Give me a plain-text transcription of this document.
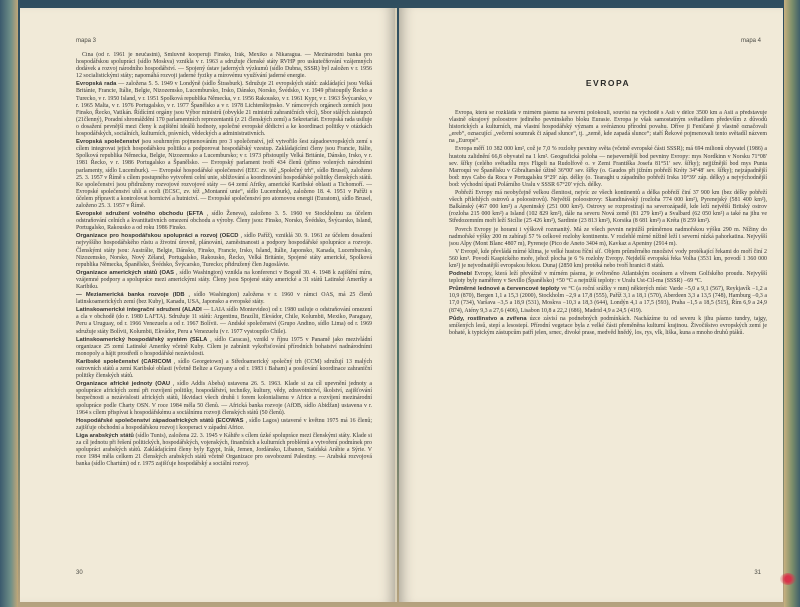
mapa 3

Čína (od r. 1961 je neučastní), Šmluvně kooperují Finsko, Irák, Mexiko a Nikaragua. — Mezinárodní banka pro hospodářskou spolupráci (sídlo Moskva) vznikla v r. 1963 a sdružuje členské státy RVHP pro uskutečňování vzájemných dodávek a rozvoj národního hospodářství. — Spojený ústav jaderných výzkumů (sídlo Dubna, SSSR) byl založen v r. 1956 12 socialistickými státy; napomáhá rozvoji jaderné fyziky a mírovému využívání jaderné energie.

Evropská rada — založena 5. 5. 1949 v Londýně (sídlo Štrasburk). Sdružuje 21 evropských států: zakládající jsou Velká Británie, Francie, Itálie, Belgie, Nizozemsko, Lucembursko, Irsko, Dánsko, Norsko, Švédsko, v r. 1949 přistoupily Řecko a Turecko, v r. 1950 Island, v r. 1951 Spolková republika Německa, v r. 1956 Rakousko, v r. 1961 Kypr, v r. 1963 Švýcarsko, v r. 1965 Malta, v r. 1976 Portugalsko, v r. 1977 Španělsko a v r. 1978 Lichtenštejnsko. V rámcových orgánech zemích jsou Finsko, Řecko, Vatikán. Řídícími orgány jsou Výbor ministrů (obvykle 21 ministrů zahraničních věcí), Sbor stálých zástupců (21členný), Poradní shromáždění 170 parlamentních reprezentantů (z 21 členských zemí) a Sekretariát. Evropská rada usiluje o dosažení pevnější mezi členy k zajištění ideálů hodnoty, společné evropské dědictví a ke koordinaci politiky v otázkách hospodářských, sociálních, kulturních, právních, vědeckých a administrativních.

Evropská společenství jsou souhrnným pojmenováním pro 3 společenství, jež vytvořilo šest západoevropských zemí s cílem integrovat jejich hospodářskou politiku a podporovat hospodářský vzestup. Zakládajícími členy jsou Francie, Itálie, Spolková republika Německa, Belgie, Nizozemsko a Lucembursko; v r. 1973 přistoupily Velká Británie, Dánsko, Irsko, v r. 1981 Řecko, v r. 1986 Portugalsko a Španělsko. — Evropský parlament tvoří 434 členů (přímo volených národními parlamenty, sídlo Lucemburk). — Evropské hospodářské společenství (EEC zv. též „Společný trh“, sídlo Brusel), založeno 25. 3. 1957 v Římě s cílem postupného vytvoření celní unie, sbližování a koordinování hospodářské politiky členských států. Ke společenství jsou přidruženy rozvojové rozvojové státy — 64 zemí Afriky, americké Karibské oblasti a Tichomoří. — Evropské společenství uhlí a oceli (ECSC, zv. též „Montanní unie“, sídlo Lucemburk), založeno 18. 4. 1951 v Paříži s účelem přípravit a kontrolovat hornictví a hutnictví. — Evropské společenství pro atomovou energii (Euratom), sídlo Brusel, založeno 25. 3. 1957 v Římě.

Evropské sdružení volného obchodu (EFTA , sídlo Ženeva), založeno 3. 5. 1960 ve Stockholmu za účelem odstraňování celních a kvantitativních omezení obchodu a výroby. Členy jsou: Finsko, Norsko, Švédsko, Švýcarsko, Island, Portugalsko, Rakousko a od roku 1986 Finsko.

Organizace pro hospodářskou spolupráci a rozvoj (OECD , sídlo Paříž), vzniklá 30. 9. 1961 ze účelem dosažení nejvyššího hospodářského růstu a životní úrovně, plánování, zaměstnanosti a podpory hospodářské spolupráce a rozvoje. Členskými státy jsou: Austrálie, Belgie, Dánsko, Finsko, Francie, Irsko, Island, Itálie, Japonsko, Kanada, Lucembursko, Nizozemsko, Norsko, Nový Zéland, Portugalsko, Rakousko, Řecko, Velká Británie, Spojené státy americké, Spolková republika Německa, Španělsko, Švédsko, Švýcarsko, Turecko; přidružený člen Jugoslávie.

Organizace amerických států (OAS , sídlo Washington) vznikla na konferenci v Bogotě 30. 4. 1948 k zajištění míru, vzájemné podpory a spolupráce mezi americkými státy. Členy jsou Spojené státy americké a 31 států Latinské Ameriky a Karibiku.

— Meziamerická banka rozvoje (IDB , sídlo Washington) založena v r. 1960 v rámci OAS, má 25 členů latinskoamerických zemí (bez Kuby), Kanadu, USA, Japonsko a evropské státy.

Latinskoamerické integrační sdružení (ALADI — LAIA sídlo Montevideo) od r. 1980 usiluje o odstraňování omezení a cla v obchodě (do r. 1980 LAFTA). Sdružuje 11 států: Argentinu, Brazílii, Ekvádor, Chile, Kolumbii, Mexiko, Paraguay, Peru a Uruguay, od r. 1966 Venezuelu a od r. 1967 Bolívii. — Andské společenství (Grupo Andino, sídlo Lima) od r. 1969 sdružuje státy Bolívii, Kolumbii, Ekvádor, Peru a Venezuelu (v r. 1977 vystoupilo Chile).

Latinskoamerický hospodářský systém (SELA , sídlo Caracas), vznikl v říjnu 1975 v Panamě jako mezivládní organizace 25 zemí Latinské Ameriky včetně Kuby. Cílem je zabránit vykořisťování přírodních bohatství nadnárodními monopoly a hájit prostředí o hospodářské nezávislosti.

Karibské společenství (CARICOM , sídlo Georgetown) a Středoamerický společný trh (CCM) sdružují 13 malých ostrovních států a zemí Karibské oblasti (včetně Belize a Guyany a od r. 1983 i Baham) a posilování koordinace zahraniční politiky členských států.

Organizace africké jednoty (OAU , sídlo Addis Abeba) ustavena 26. 5. 1963. Klade si za cíl upevnění jednoty a spolupráce afrických zemí při rozvíjení politiky, hospodářství, techniky, kultury, vědy, zdravotnictví, školství, zajišťování bezpečnosti a nezávislosti afrických států, likvidaci všech druhů i forem kolonialismu v Africe a rozvíjení mezinárodní spolupráce podle Charty OSN. V roce 1984 měla 50 členů. — Africká banka rozvoje (AfDB, sídlo Abidžan) ustavena v r. 1964 s cílem přispívat k hospodářskému a sociálnímu rozvoji členských států (50 členů).

Hospodářské společenství západoafrických států (ECOWAS , sídlo Lagos) ustavené v květnu 1975 má 16 členů; zajišťuje obchodní a hospodářskou rozvoj i kooperaci v západní Africe.

Liga arabských států (sídlo Tunis), založena 22. 3. 1945 v Káhiře s cílem úzké spolupráce mezi členskými státy. Klade si za cíl jednotu při řešení politických, hospodářských, vojenských, finančních a kulturních problémů a vytvoření podmínek pro spolupráci arabských států. Zakládajícími členy byly Egypt, Irák, Jemen, Jordánsko, Libanon, Saúdská Arábie a Sýrie. V roce 1984 měla celkem 21 členských arabských států včetně Organizace pro osvobození Palestiny. — Arabská rozvojová banka (sídlo Chartúm) od r. 1975 zajišťuje hospodářský a sociální rozvoj.

30
mapa 4
EVROPA

Evropa, která se rozkládá v mírném pásmu na severní polokouli, souvisí na východě s Asií v délce 3500 km a Asii a představuje vlastně okrajový poloostrov jediného pevninského bloku Eurasie. Evropa je však samostatným světadílem především z důvodů historických a kulturních, má vlastní hospodářský význam a svéráznou přírodní povahu. Dříve ji Feničané ji vlastně označovali „ereb“, oznacující „večerní soumrak či západ slunce“, tj. „země, kde zapadá slunce“; staří Řekové pojmenovali tento světadíl názvem na „Europé“.

Evropa měří 10 382 000 km², což je 7,0 % rozlohy pevniny světa (včetně evropské části SSSR); má 694 milionů obyvatel (1986) a hustotu zalidnění 66,8 obyvatel na 1 km². Geografická poloha — nejsevernější bod pevniny Evropy: mys Nordkinn v Norsku 71°08′ sev. šířky (celého světadílu mys Fligeli na Rudolfově o. v Zemi Františka Josefa 81°51′ sev. šířky); nejjižnější bod mys Punta Marroquí ve Španělsku v Gibraltarské úžině 36°00′ sev. šířky (o. Gaudos při jižním pobřeží Kréty 34°48′ sev. šířky); nejzápadnější bod: mys Cabo da Roca v Portugalsku 9°29′ záp. délky (o. Tearaght u západního pobřeží Irska 10°39′ záp. délky) a nejvýchodnější bod: východní úpatí Polárního Uralu v SSSR 67°20′ vých. délky.

Pobřeží Evropy má neobyčejně velkou členitost, nejvíc ze všech kontinentů a délka pobřeží činí 37 900 km (bez délky pobřeží všech přilehlých ostrovů a poloostrovů). Největší poloostrovy: Skandinávský (rozloha 774 000 km²), Pyrenejský (581 400 km²), Balkánský (467 000 km²) a Apeninský (251 000 km²). Ostrovy se rozprostírají na severozápadě, kde leží největší Britský ostrov (rozloha 215 000 km²) a Island (102 829 km²), dále na severu Nová země (81 279 km²) a Svalbard (62 050 km²) a také na jihu ve Středozemním moři leží Sicílie (25 426 km²), Sardinie (23 813 km²), Korsika (8 681 km²) a Kréta (8 259 km²).

Povrch Evropy je horami i výškově rozmanitý. Má ze všech pevnin nejnižší průměrnou nadmořskou výšku 290 m. Nížiny do nadmořské výšky 200 m zabírají 57 % celkové rozlohy kontinentu. V rozlehlé mírné nížině leží i severní nízká pahorkatina. Nejvyšší jsou Alpy (Mont Blanc 4807 m), Pyreneje (Pico de Aneto 3404 m), Kavkaz a Apeniny (2914 m).

V Evropě, kde převládá mírné klima, je velké hustou říční síť. Objem průměrného množství vody protékající řekami do moří činí 2 560 km³. Povodí Kaspického moře, jehož plocha je 6 % rozlohy Evropy. Nejdelší evropská řeka Volha (3531 km, povodí 1 360 000 km²) je nejvodnatější evropskou řekou. Dunaj (2850 km) protéká nebo tvoří hranici 8 států.

Podnebí Evropy, která leží převážně v mírném pásmu, je ovlivněno Atlantským oceánem a vlivem Golfského proudu. Nejvyšší teploty byly naměřeny v Sevillo (Španělsko) +50 °C a nejnižší teploty: v Uralu Ust-Cil-ma (SSSR) −69 °C.

Průměrné lednové a červencové teploty ve °C (a roční srážky v mm) některých míst: Varde −5,0 a 9,1 (567), Reykjavík −1,2 a 10,9 (870), Bergen 1,1 a 15,3 (2000), Stockholm −2,9 a 17,8 (555), Paříž 3,1 a 18,1 (570), Aberdeen 3,3 a 13,5 (748), Hamburg −0,3 a 17,0 (734), Varšava −3,5 a 18,9 (531), Moskva −10,3 a 18,3 (644), Londýn 4,1 a 17,5 (593), Praha −1,5 a 18,5 (515), Řím 6,9 a 24,9 (874), Atény 9,3 a 27,6 (406), Lisabon 10,8 a 22,2 (686), Madrid 4,9 a 24,5 (419).

Půdy, rostlinstvo a zvířena úzce závisí na podnebných podmínkách. Nacházíme tu od severu k jihu pásmo tundry, tajgy, smíšených lesů, stepí a lesostepí. Přírodní vegetace byla z velké části přeměněna kulturní krajinou. Živočišstvo evropských zemí je bohaté, k typickým zástupcům patří jelen, srnec, divoké prase, medvěd hnědý, los, rys, vlk, liška, kuna a mnoho druhů ptáků.

31
